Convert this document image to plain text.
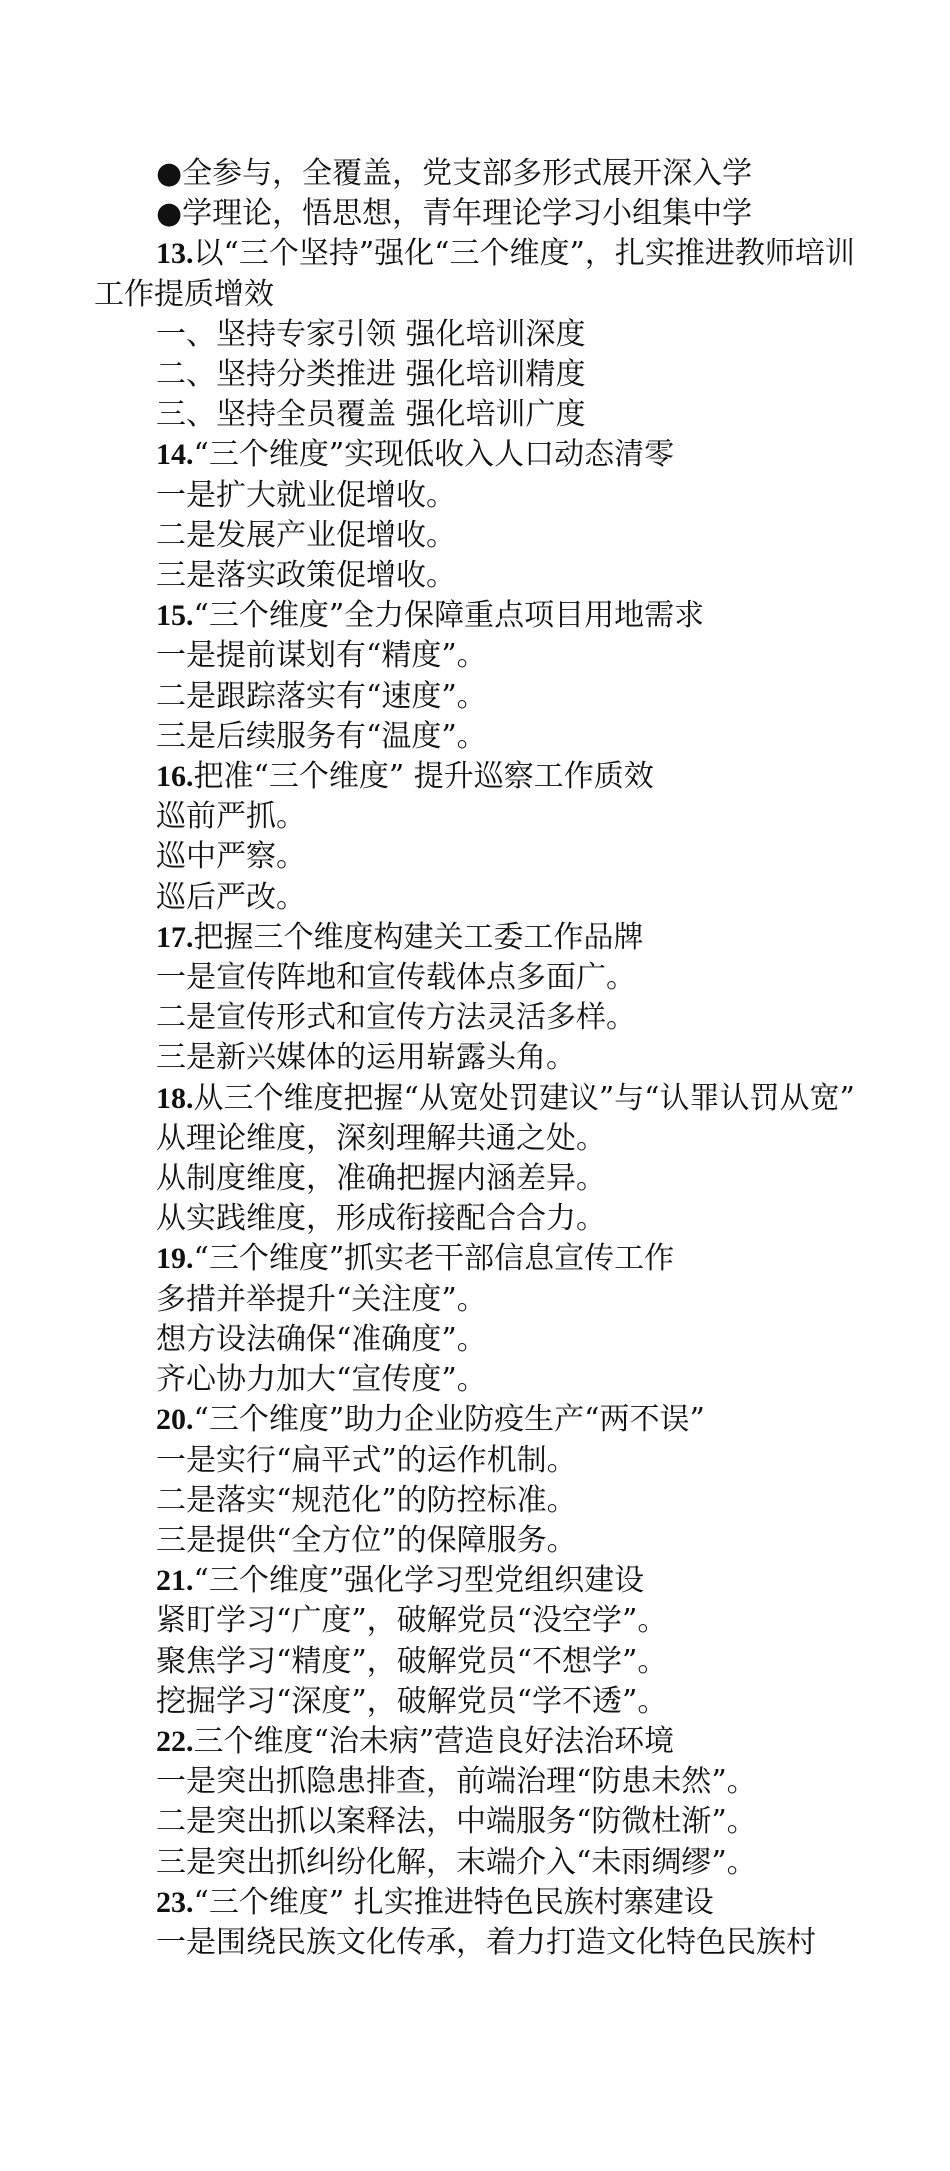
●全参与，全覆盖，党支部多形式展开深入学
●学理论，悟思想，青年理论学习小组集中学
13.以“三个坚持”强化“三个维度”，扎实推进教师培训工作提质增效
一、坚持专家引领 强化培训深度
二、坚持分类推进 强化培训精度
三、坚持全员覆盖 强化培训广度
14.“三个维度”实现低收入人口动态清零
一是扩大就业促增收。
二是发展产业促增收。
三是落实政策促增收。
15.“三个维度”全力保障重点项目用地需求
一是提前谋划有“精度”。
二是跟踪落实有“速度”。
三是后续服务有“温度”。
16.把准“三个维度” 提升巡察工作质效
巡前严抓。
巡中严察。
巡后严改。
17.把握三个维度构建关工委工作品牌
一是宣传阵地和宣传载体点多面广。
二是宣传形式和宣传方法灵活多样。
三是新兴媒体的运用崭露头角。
18.从三个维度把握“从宽处罚建议”与“认罪认罚从宽”
从理论维度，深刻理解共通之处。
从制度维度，准确把握内涵差异。
从实践维度，形成衔接配合合力。
19.“三个维度”抓实老干部信息宣传工作
多措并举提升“关注度”。
想方设法确保“准确度”。
齐心协力加大“宣传度”。
20.“三个维度”助力企业防疫生产“两不误”
一是实行“扁平式”的运作机制。
二是落实“规范化”的防控标准。
三是提供“全方位”的保障服务。
21.“三个维度”强化学习型党组织建设
紧盯学习“广度”，破解党员“没空学”。
聚焦学习“精度”，破解党员“不想学”。
挖掘学习“深度”，破解党员“学不透”。
22.三个维度“治未病”营造良好法治环境
一是突出抓隐患排查，前端治理“防患未然”。
二是突出抓以案释法，中端服务“防微杜渐”。
三是突出抓纠纷化解，末端介入“未雨绸缪”。
23.“三个维度” 扎实推进特色民族村寨建设
一是围绕民族文化传承，着力打造文化特色民族村
